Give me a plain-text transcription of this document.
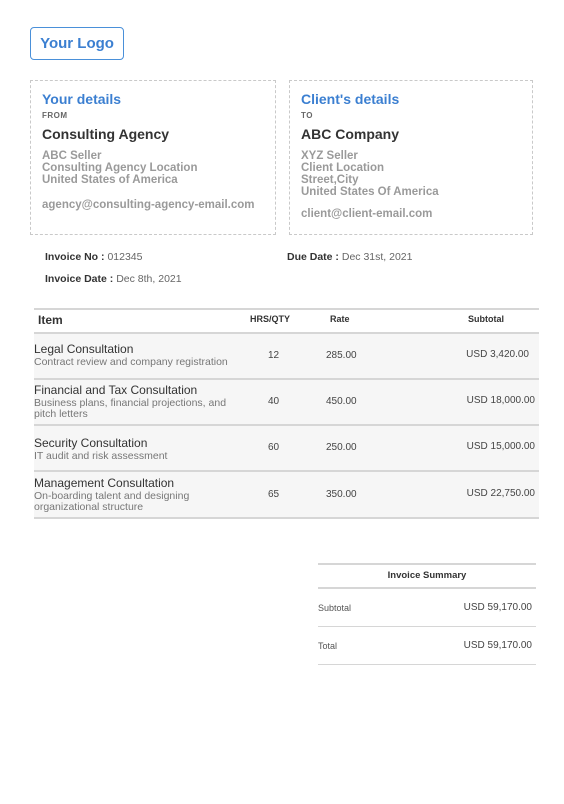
Your Logo
Your details
FROM
Consulting Agency
ABC Seller
Consulting Agency Location
United States of America
agency@consulting-agency-email.com
Client's details
TO
ABC Company
XYZ Seller
Client Location
Street,City
United States Of America
client@client-email.com
Invoice No : 012345	Due Date : Dec 31st, 2021
Invoice Date : Dec 8th, 2021
Item	HRS/QTY	Rate	Subtotal
Legal Consultation
Contract review and company registration
12	285.00	USD 3,420.00
Financial and Tax Consultation
Business plans, financial projections, and pitch letters
40	450.00	USD 18,000.00
Security Consultation
IT audit and risk assessment
60	250.00	USD 15,000.00
Management Consultation
On-boarding talent and designing organizational structure
65	350.00	USD 22,750.00
Invoice Summary
Subtotal	USD 59,170.00
Total	USD 59,170.00
